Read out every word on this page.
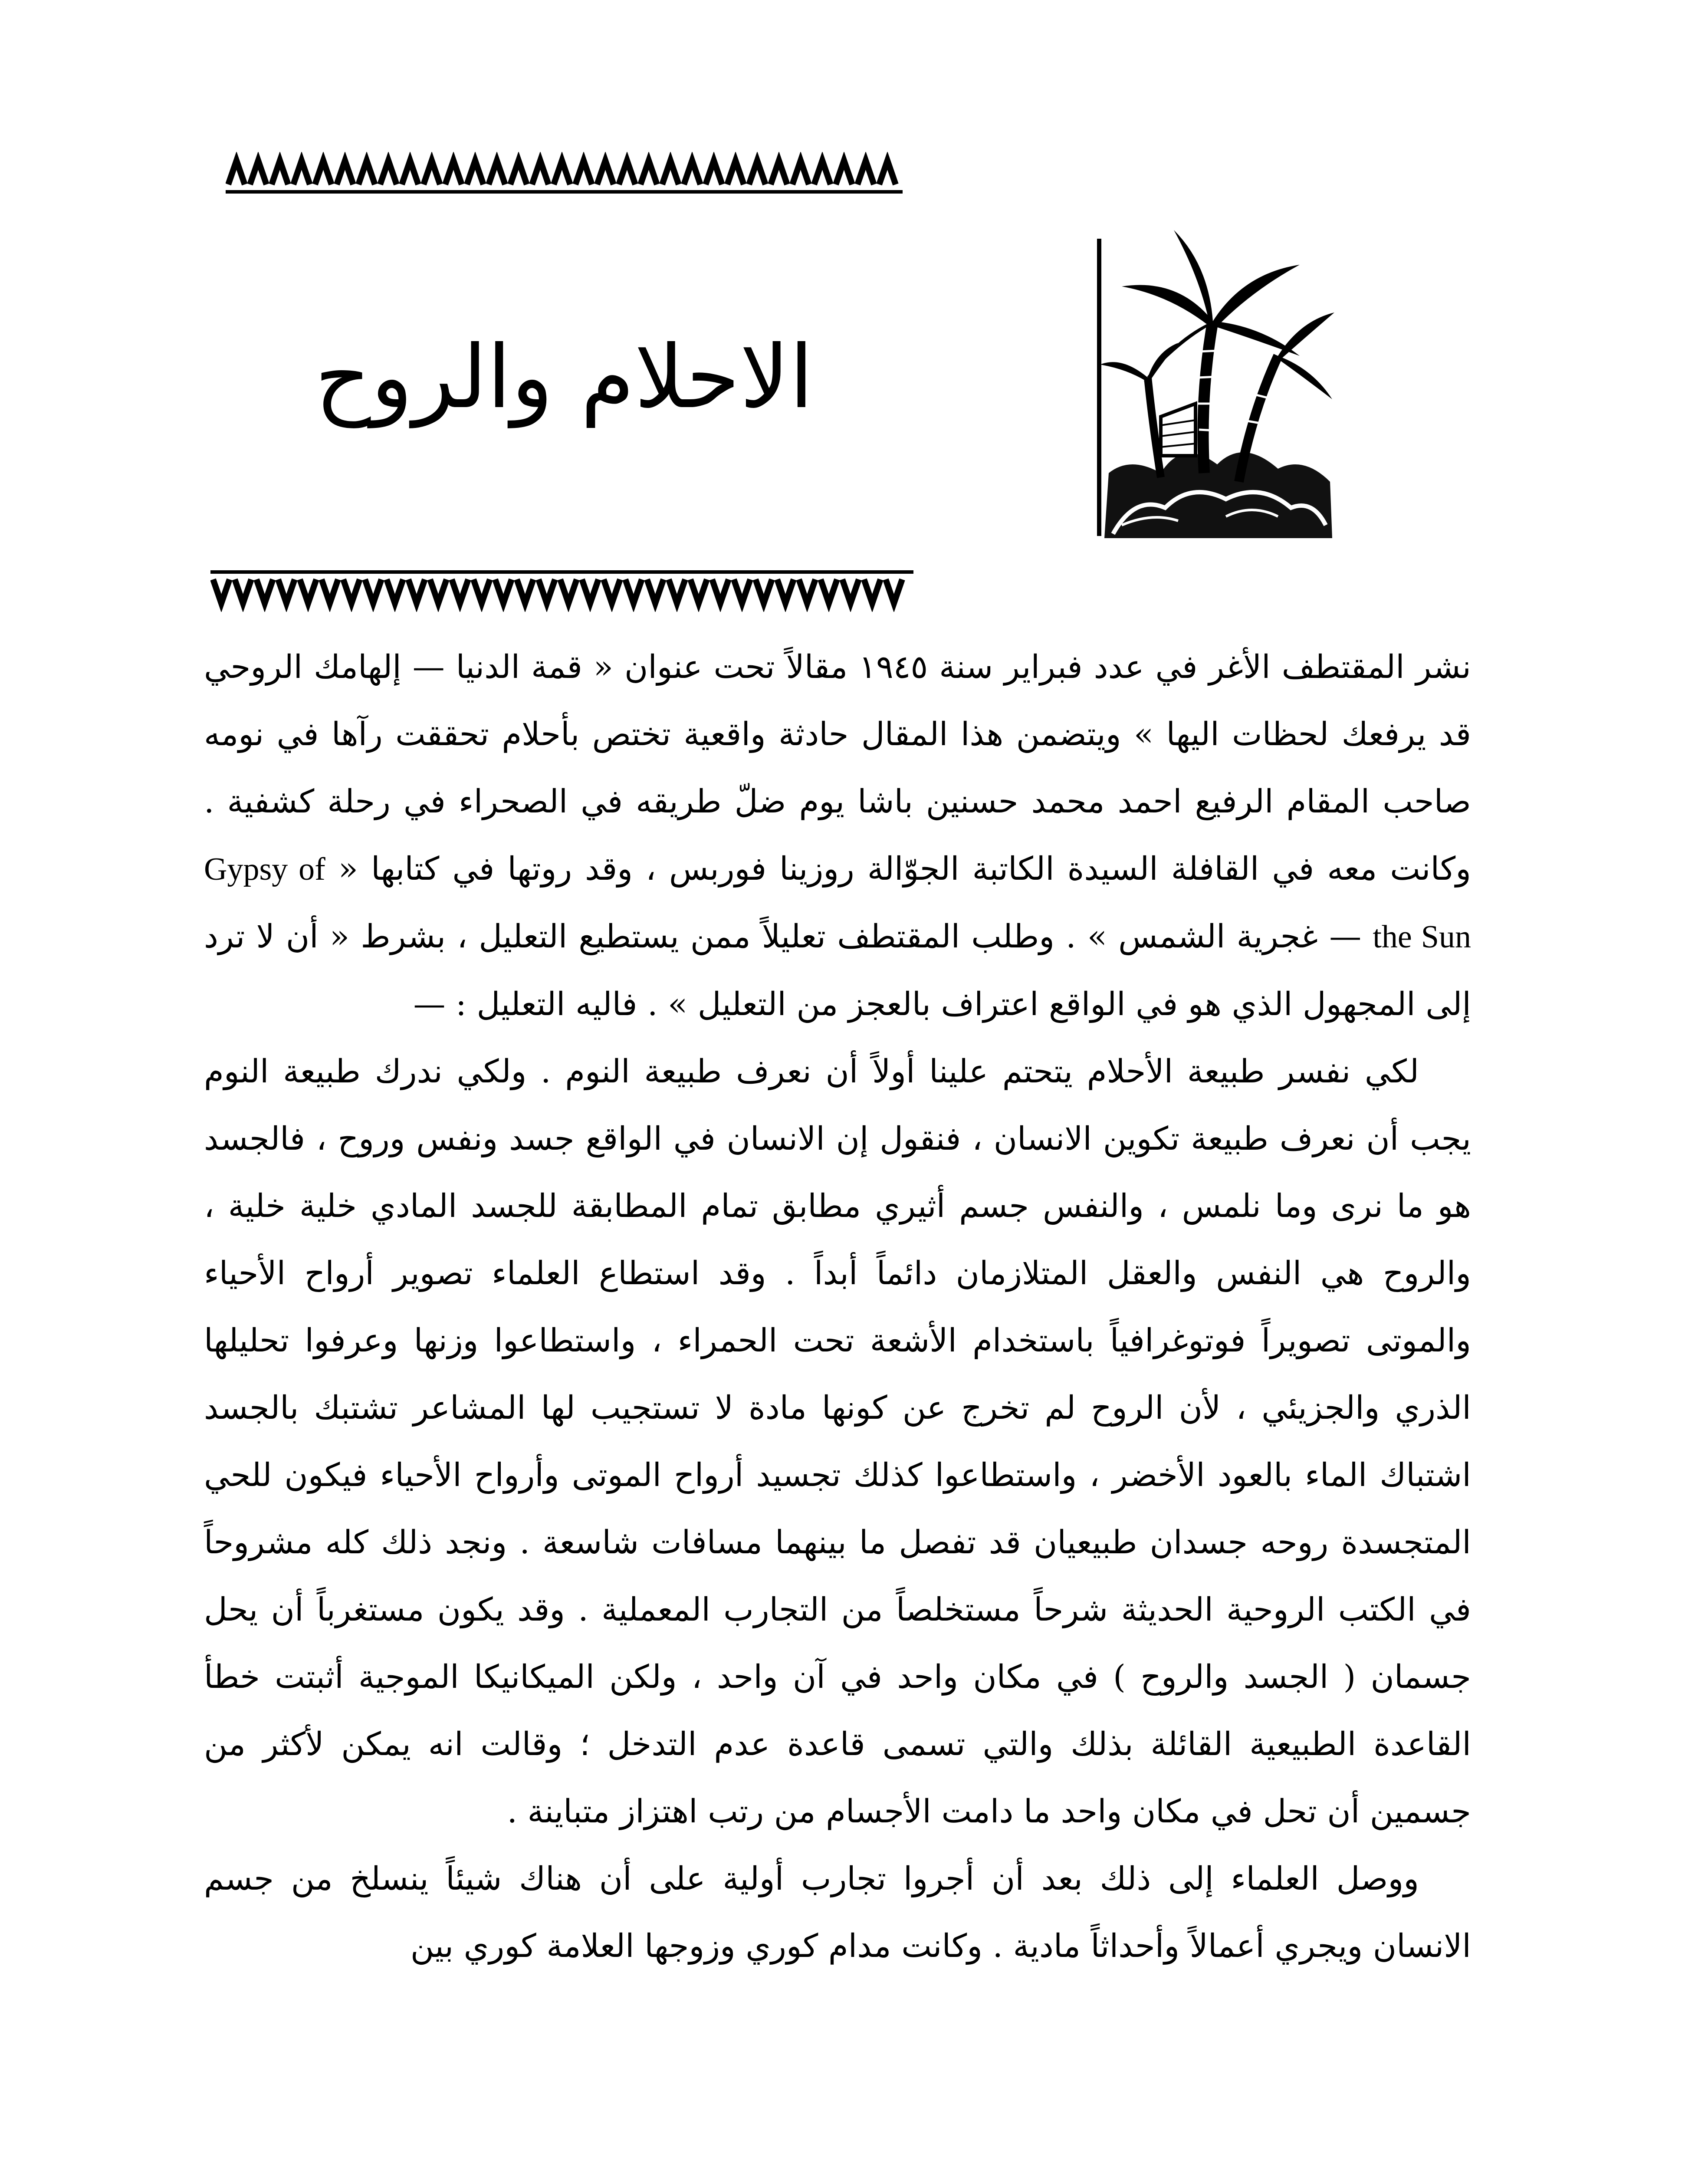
الاحلام والروح

نشر المقتطف الأغر في عدد فبراير سنة ١٩٤٥ مقالاً تحت عنوان « قمة الدنيا — إلهامك الروحي قد يرفعك لحظات اليها » ويتضمن هذا المقال حادثة واقعية تختص بأحلام تحققت رآها في نومه صاحب المقام الرفيع احمد محمد حسنين باشا يوم ضلّ طريقه في الصحراء في رحلة كشفية . وكانت معه في القافلة السيدة الكاتبة الجوّالة روزينا فوربس ، وقد روتها في كتابها « Gypsy of the Sun — غجرية الشمس » . وطلب المقتطف تعليلاً ممن يستطيع التعليل ، بشرط « أن لا ترد إلى المجهول الذي هو في الواقع اعتراف بالعجز من التعليل » . فاليه التعليل : —

لكي نفسر طبيعة الأحلام يتحتم علينا أولاً أن نعرف طبيعة النوم . ولكي ندرك طبيعة النوم يجب أن نعرف طبيعة تكوين الانسان ، فنقول إن الانسان في الواقع جسد ونفس وروح ، فالجسد هو ما نرى وما نلمس ، والنفس جسم أثيري مطابق تمام المطابقة للجسد المادي خلية خلية ، والروح هي النفس والعقل المتلازمان دائماً أبداً . وقد استطاع العلماء تصوير أرواح الأحياء والموتى تصويراً فوتوغرافياً باستخدام الأشعة تحت الحمراء ، واستطاعوا وزنها وعرفوا تحليلها الذري والجزيئي ، لأن الروح لم تخرج عن كونها مادة لا تستجيب لها المشاعر تشتبك بالجسد اشتباك الماء بالعود الأخضر ، واستطاعوا كذلك تجسيد أرواح الموتى وأرواح الأحياء فيكون للحي المتجسدة روحه جسدان طبيعيان قد تفصل ما بينهما مسافات شاسعة . ونجد ذلك كله مشروحاً في الكتب الروحية الحديثة شرحاً مستخلصاً من التجارب المعملية . وقد يكون مستغرباً أن يحل جسمان ( الجسد والروح ) في مكان واحد في آن واحد ، ولكن الميكانيكا الموجية أثبتت خطأ القاعدة الطبيعية القائلة بذلك والتي تسمى قاعدة عدم التدخل ؛ وقالت انه يمكن لأكثر من جسمين أن تحل في مكان واحد ما دامت الأجسام من رتب اهتزاز متباينة .

ووصل العلماء إلى ذلك بعد أن أجروا تجارب أولية على أن هناك شيئاً ينسلخ من جسم الانسان ويجري أعمالاً وأحداثاً مادية . وكانت مدام كوري وزوجها العلامة كوري بين
